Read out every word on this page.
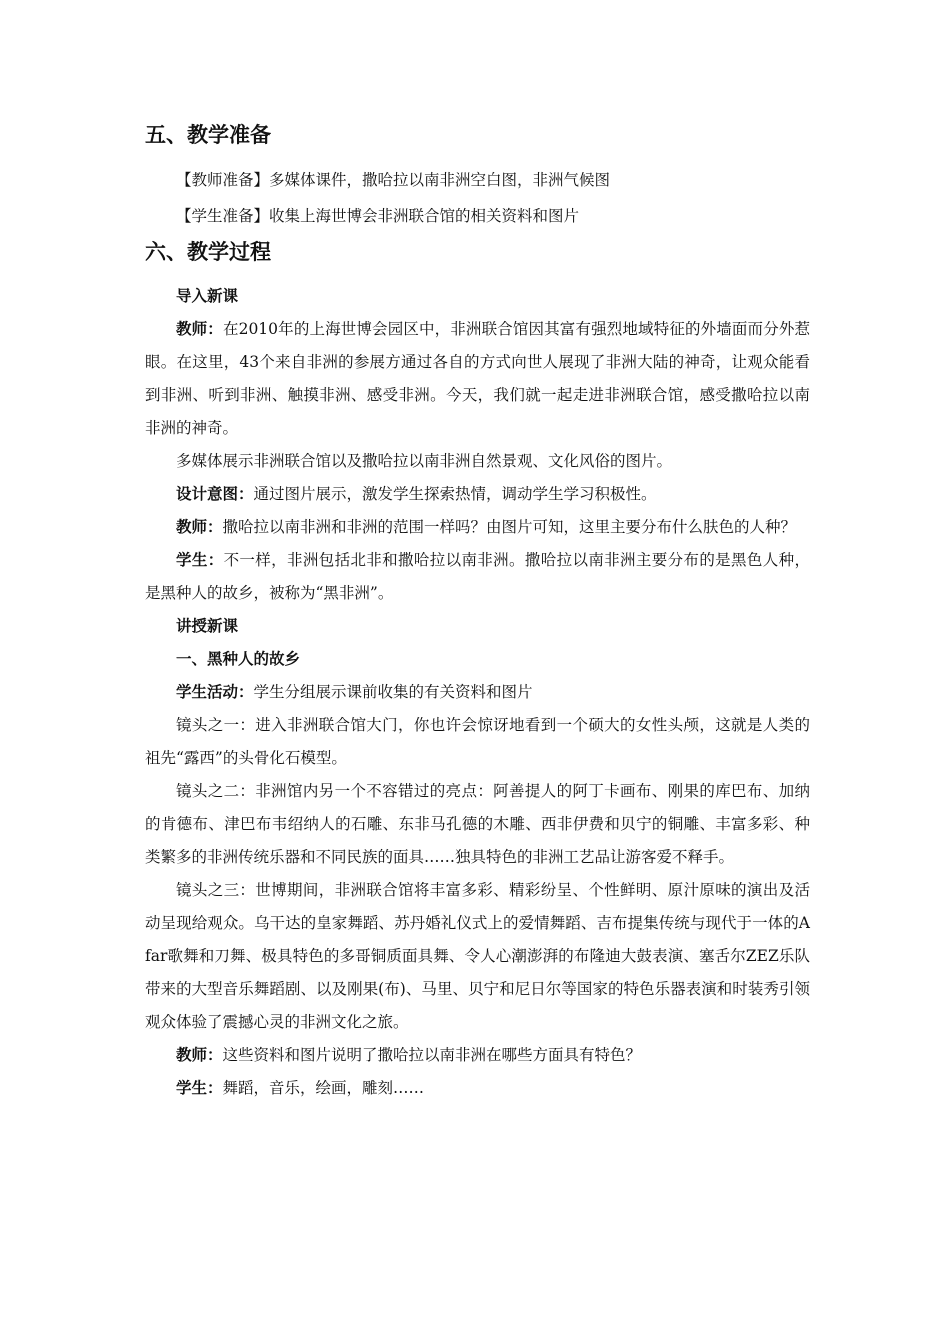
五、教学准备

【教师准备】多媒体课件，撒哈拉以南非洲空白图，非洲气候图

【学生准备】收集上海世博会非洲联合馆的相关资料和图片

六、教学过程

导入新课

教师：在2010年的上海世博会园区中，非洲联合馆因其富有强烈地域特征的外墙面而分外惹眼。在这里，43个来自非洲的参展方通过各自的方式向世人展现了非洲大陆的神奇，让观众能看到非洲、听到非洲、触摸非洲、感受非洲。今天，我们就一起走进非洲联合馆，感受撒哈拉以南非洲的神奇。

多媒体展示非洲联合馆以及撒哈拉以南非洲自然景观、文化风俗的图片。

设计意图：通过图片展示，激发学生探索热情，调动学生学习积极性。

教师：撒哈拉以南非洲和非洲的范围一样吗？由图片可知，这里主要分布什么肤色的人种？

学生：不一样，非洲包括北非和撒哈拉以南非洲。撒哈拉以南非洲主要分布的是黑色人种，是黑种人的故乡，被称为“黑非洲”。

讲授新课

一、黑种人的故乡

学生活动：学生分组展示课前收集的有关资料和图片

镜头之一：进入非洲联合馆大门，你也许会惊讶地看到一个硕大的女性头颅，这就是人类的祖先“露西”的头骨化石模型。

镜头之二：非洲馆内另一个不容错过的亮点：阿善提人的阿丁卡画布、刚果的库巴布、加纳的肯德布、津巴布韦绍纳人的石雕、东非马孔德的木雕、西非伊费和贝宁的铜雕、丰富多彩、种类繁多的非洲传统乐器和不同民族的面具……独具特色的非洲工艺品让游客爱不释手。

镜头之三：世博期间，非洲联合馆将丰富多彩、精彩纷呈、个性鲜明、原汁原味的演出及活动呈现给观众。乌干达的皇家舞蹈、苏丹婚礼仪式上的爱情舞蹈、吉布提集传统与现代于一体的Afar歌舞和刀舞、极具特色的多哥铜质面具舞、令人心潮澎湃的布隆迪大鼓表演、塞舌尔ZEZ乐队带来的大型音乐舞蹈剧、以及刚果(布)、马里、贝宁和尼日尔等国家的特色乐器表演和时装秀引领观众体验了震撼心灵的非洲文化之旅。

教师：这些资料和图片说明了撒哈拉以南非洲在哪些方面具有特色？

学生：舞蹈，音乐，绘画，雕刻……
